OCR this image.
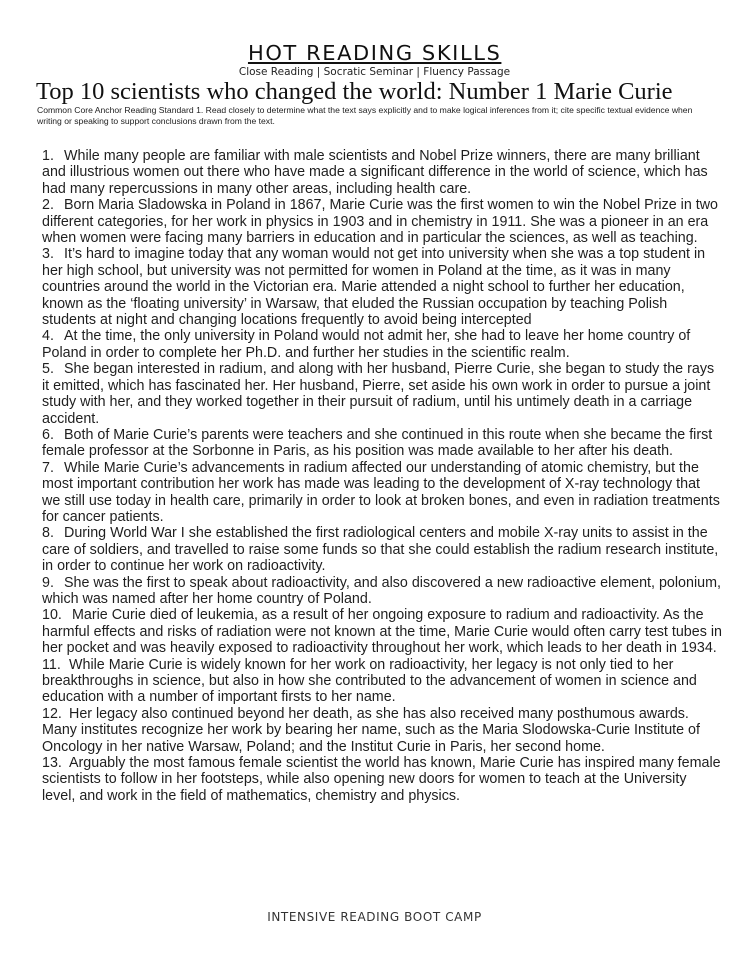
HOT READING SKILLS
Close Reading | Socratic Seminar | Fluency Passage
Top 10 scientists who changed the world: Number 1 Marie Curie
Common Core Anchor Reading Standard 1. Read closely to determine what the text says explicitly and to make logical inferences from it; cite specific textual evidence when writing or speaking to support conclusions drawn from the text.

1. While many people are familiar with male scientists and Nobel Prize winners, there are many brilliant and illustrious women out there who have made a significant difference in the world of science, which has had many repercussions in many other areas, including health care.

2. Born Maria Sladowska in Poland in 1867, Marie Curie was the first women to win the Nobel Prize in two different categories, for her work in physics in 1903 and in chemistry in 1911. She was a pioneer in an era when women were facing many barriers in education and in particular the sciences, as well as teaching.

3. It’s hard to imagine today that any woman would not get into university when she was a top student in her high school, but university was not permitted for women in Poland at the time, as it was in many countries around the world in the Victorian era. Marie attended a night school to further her education, known as the ‘floating university’ in Warsaw, that eluded the Russian occupation by teaching Polish students at night and changing locations frequently to avoid being intercepted

4. At the time, the only university in Poland would not admit her, she had to leave her home country of Poland in order to complete her Ph.D. and further her studies in the scientific realm.

5. She began interested in radium, and along with her husband, Pierre Curie, she began to study the rays it emitted, which has fascinated her. Her husband, Pierre, set aside his own work in order to pursue a joint study with her, and they worked together in their pursuit of radium, until his untimely death in a carriage accident.

6. Both of Marie Curie’s parents were teachers and she continued in this route when she became the first female professor at the Sorbonne in Paris, as his position was made available to her after his death.

7. While Marie Curie’s advancements in radium affected our understanding of atomic chemistry, but the most important contribution her work has made was leading to the development of X-ray technology that we still use today in health care, primarily in order to look at broken bones, and even in radiation treatments for cancer patients.

8. During World War I she established the first radiological centers and mobile X-ray units to assist in the care of soldiers, and travelled to raise some funds so that she could establish the radium research institute, in order to continue her work on radioactivity.

9. She was the first to speak about radioactivity, and also discovered a new radioactive element, polonium, which was named after her home country of Poland.

10. Marie Curie died of leukemia, as a result of her ongoing exposure to radium and radioactivity. As the harmful effects and risks of radiation were not known at the time, Marie Curie would often carry test tubes in her pocket and was heavily exposed to radioactivity throughout her work, which leads to her death in 1934.

11. While Marie Curie is widely known for her work on radioactivity, her legacy is not only tied to her breakthroughs in science, but also in how she contributed to the advancement of women in science and education with a number of important firsts to her name.

12. Her legacy also continued beyond her death, as she has also received many posthumous awards. Many institutes recognize her work by bearing her name, such as the Maria Slodowska-Curie Institute of Oncology in her native Warsaw, Poland; and the Institut Curie in Paris, her second home.

13. Arguably the most famous female scientist the world has known, Marie Curie has inspired many female scientists to follow in her footsteps, while also opening new doors for women to teach at the University level, and work in the field of mathematics, chemistry and physics.

INTENSIVE READING BOOT CAMP
